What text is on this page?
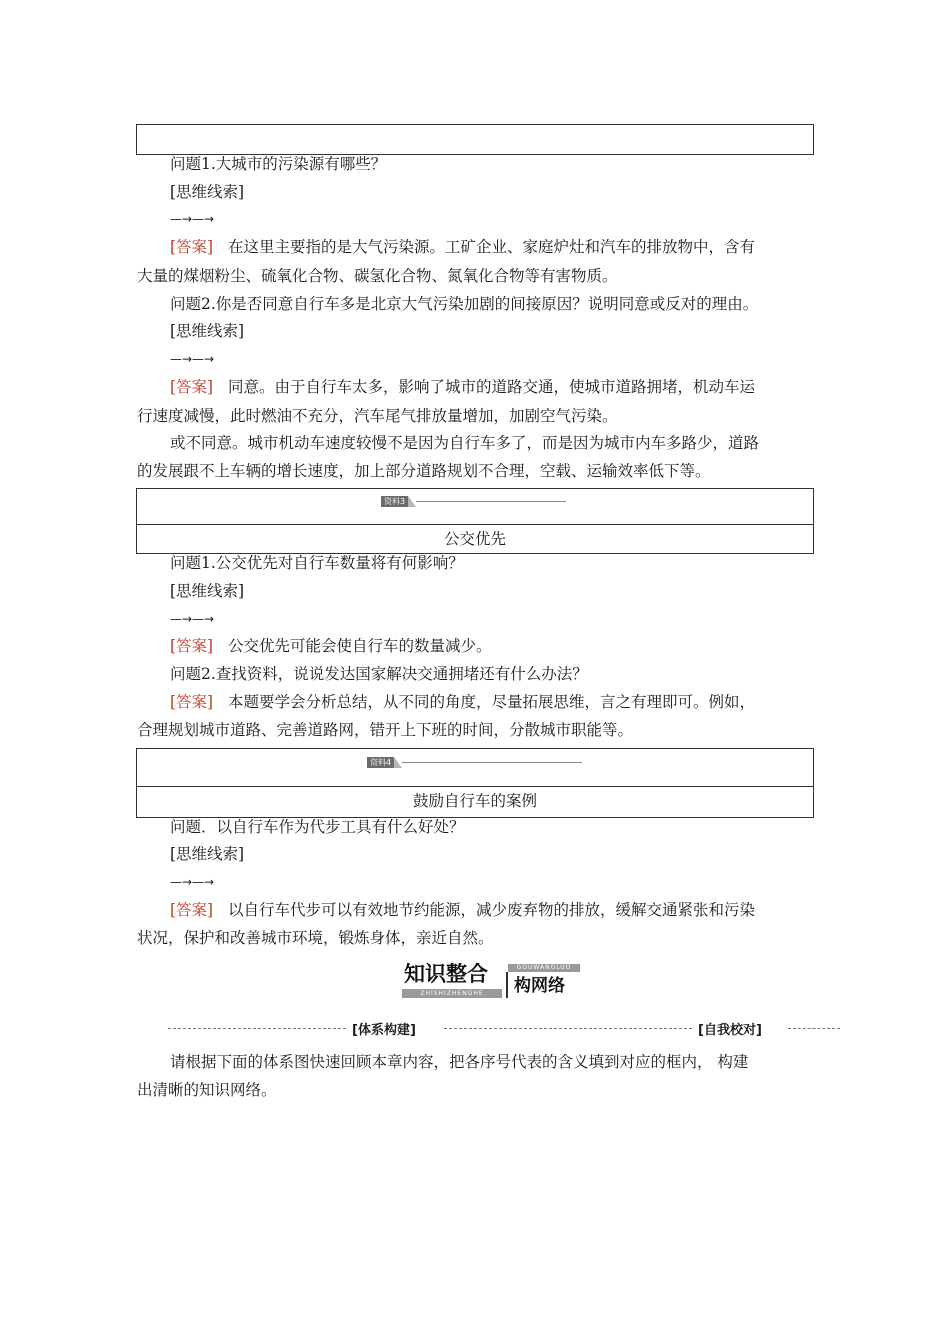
问题1.大城市的污染源有哪些？
[思维线索]
—→—→
[答案] 在这里主要指的是大气污染源。工矿企业、家庭炉灶和汽车的排放物中，含有
大量的煤烟粉尘、硫氧化合物、碳氢化合物、氮氧化合物等有害物质。
问题2.你是否同意自行车多是北京大气污染加剧的间接原因？说明同意或反对的理由。
[思维线索]
—→—→
[答案] 同意。由于自行车太多，影响了城市的道路交通，使城市道路拥堵，机动车运
行速度减慢，此时燃油不充分，汽车尾气排放量增加，加剧空气污染。
或不同意。城市机动车速度较慢不是因为自行车多了，而是因为城市内车多路少，道路
的发展跟不上车辆的增长速度，加上部分道路规划不合理，空载、运输效率低下等。
资料3
公交优先
问题1.公交优先对自行车数量将有何影响？
[思维线索]
—→—→
[答案] 公交优先可能会使自行车的数量减少。
问题2.查找资料，说说发达国家解决交通拥堵还有什么办法？
[答案] 本题要学会分析总结，从不同的角度，尽量拓展思维，言之有理即可。例如，
合理规划城市道路、完善道路网，错开上下班的时间，分散城市职能等。
资料4
鼓励自行车的案例
问题．以自行车作为代步工具有什么好处？
[思维线索]
—→—→
[答案] 以自行车代步可以有效地节约能源，减少废弃物的排放，缓解交通紧张和污染
状况，保护和改善城市环境，锻炼身体，亲近自然。
知识整合
ZHISHIZHENGHE
GOUWANGLUO
构网络
[体系构建]	[自我校对]
请根据下面的体系图快速回顾本章内容，把各序号代表的含义填到对应的框内， 构建
出清晰的知识网络。
